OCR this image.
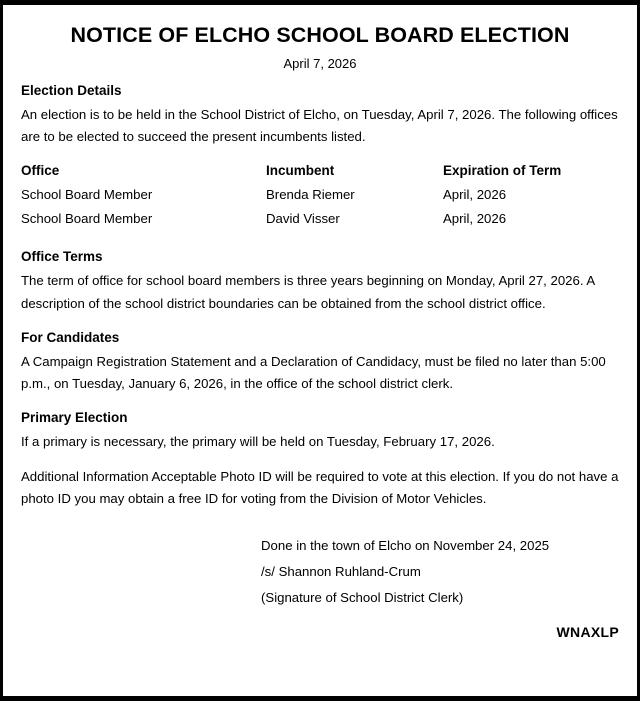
NOTICE OF ELCHO SCHOOL BOARD ELECTION
April 7, 2026
Election Details

An election is to be held in the School District of Elcho, on Tuesday, April 7, 2026. The following offices are to be elected to succeed the present incumbents listed.

Office	Incumbent	Expiration of Term
School Board Member	Brenda Riemer	April, 2026
School Board Member	David Visser	April, 2026
Office Terms

The term of office for school board members is three years beginning on Monday, April 27, 2026. A description of the school district boundaries can be obtained from the school district office.

For Candidates

A Campaign Registration Statement and a Declaration of Candidacy, must be filed no later than 5:00 p.m., on Tuesday, January 6, 2026, in the office of the school district clerk.

Primary Election

If a primary is necessary, the primary will be held on Tuesday, February 17, 2026.

Additional Information Acceptable Photo ID will be required to vote at this election. If you do not have a photo ID you may obtain a free ID for voting from the Division of Motor Vehicles.

Done in the town of Elcho on November 24, 2025
/s/ Shannon Ruhland-Crum
(Signature of School District Clerk)
WNAXLP
